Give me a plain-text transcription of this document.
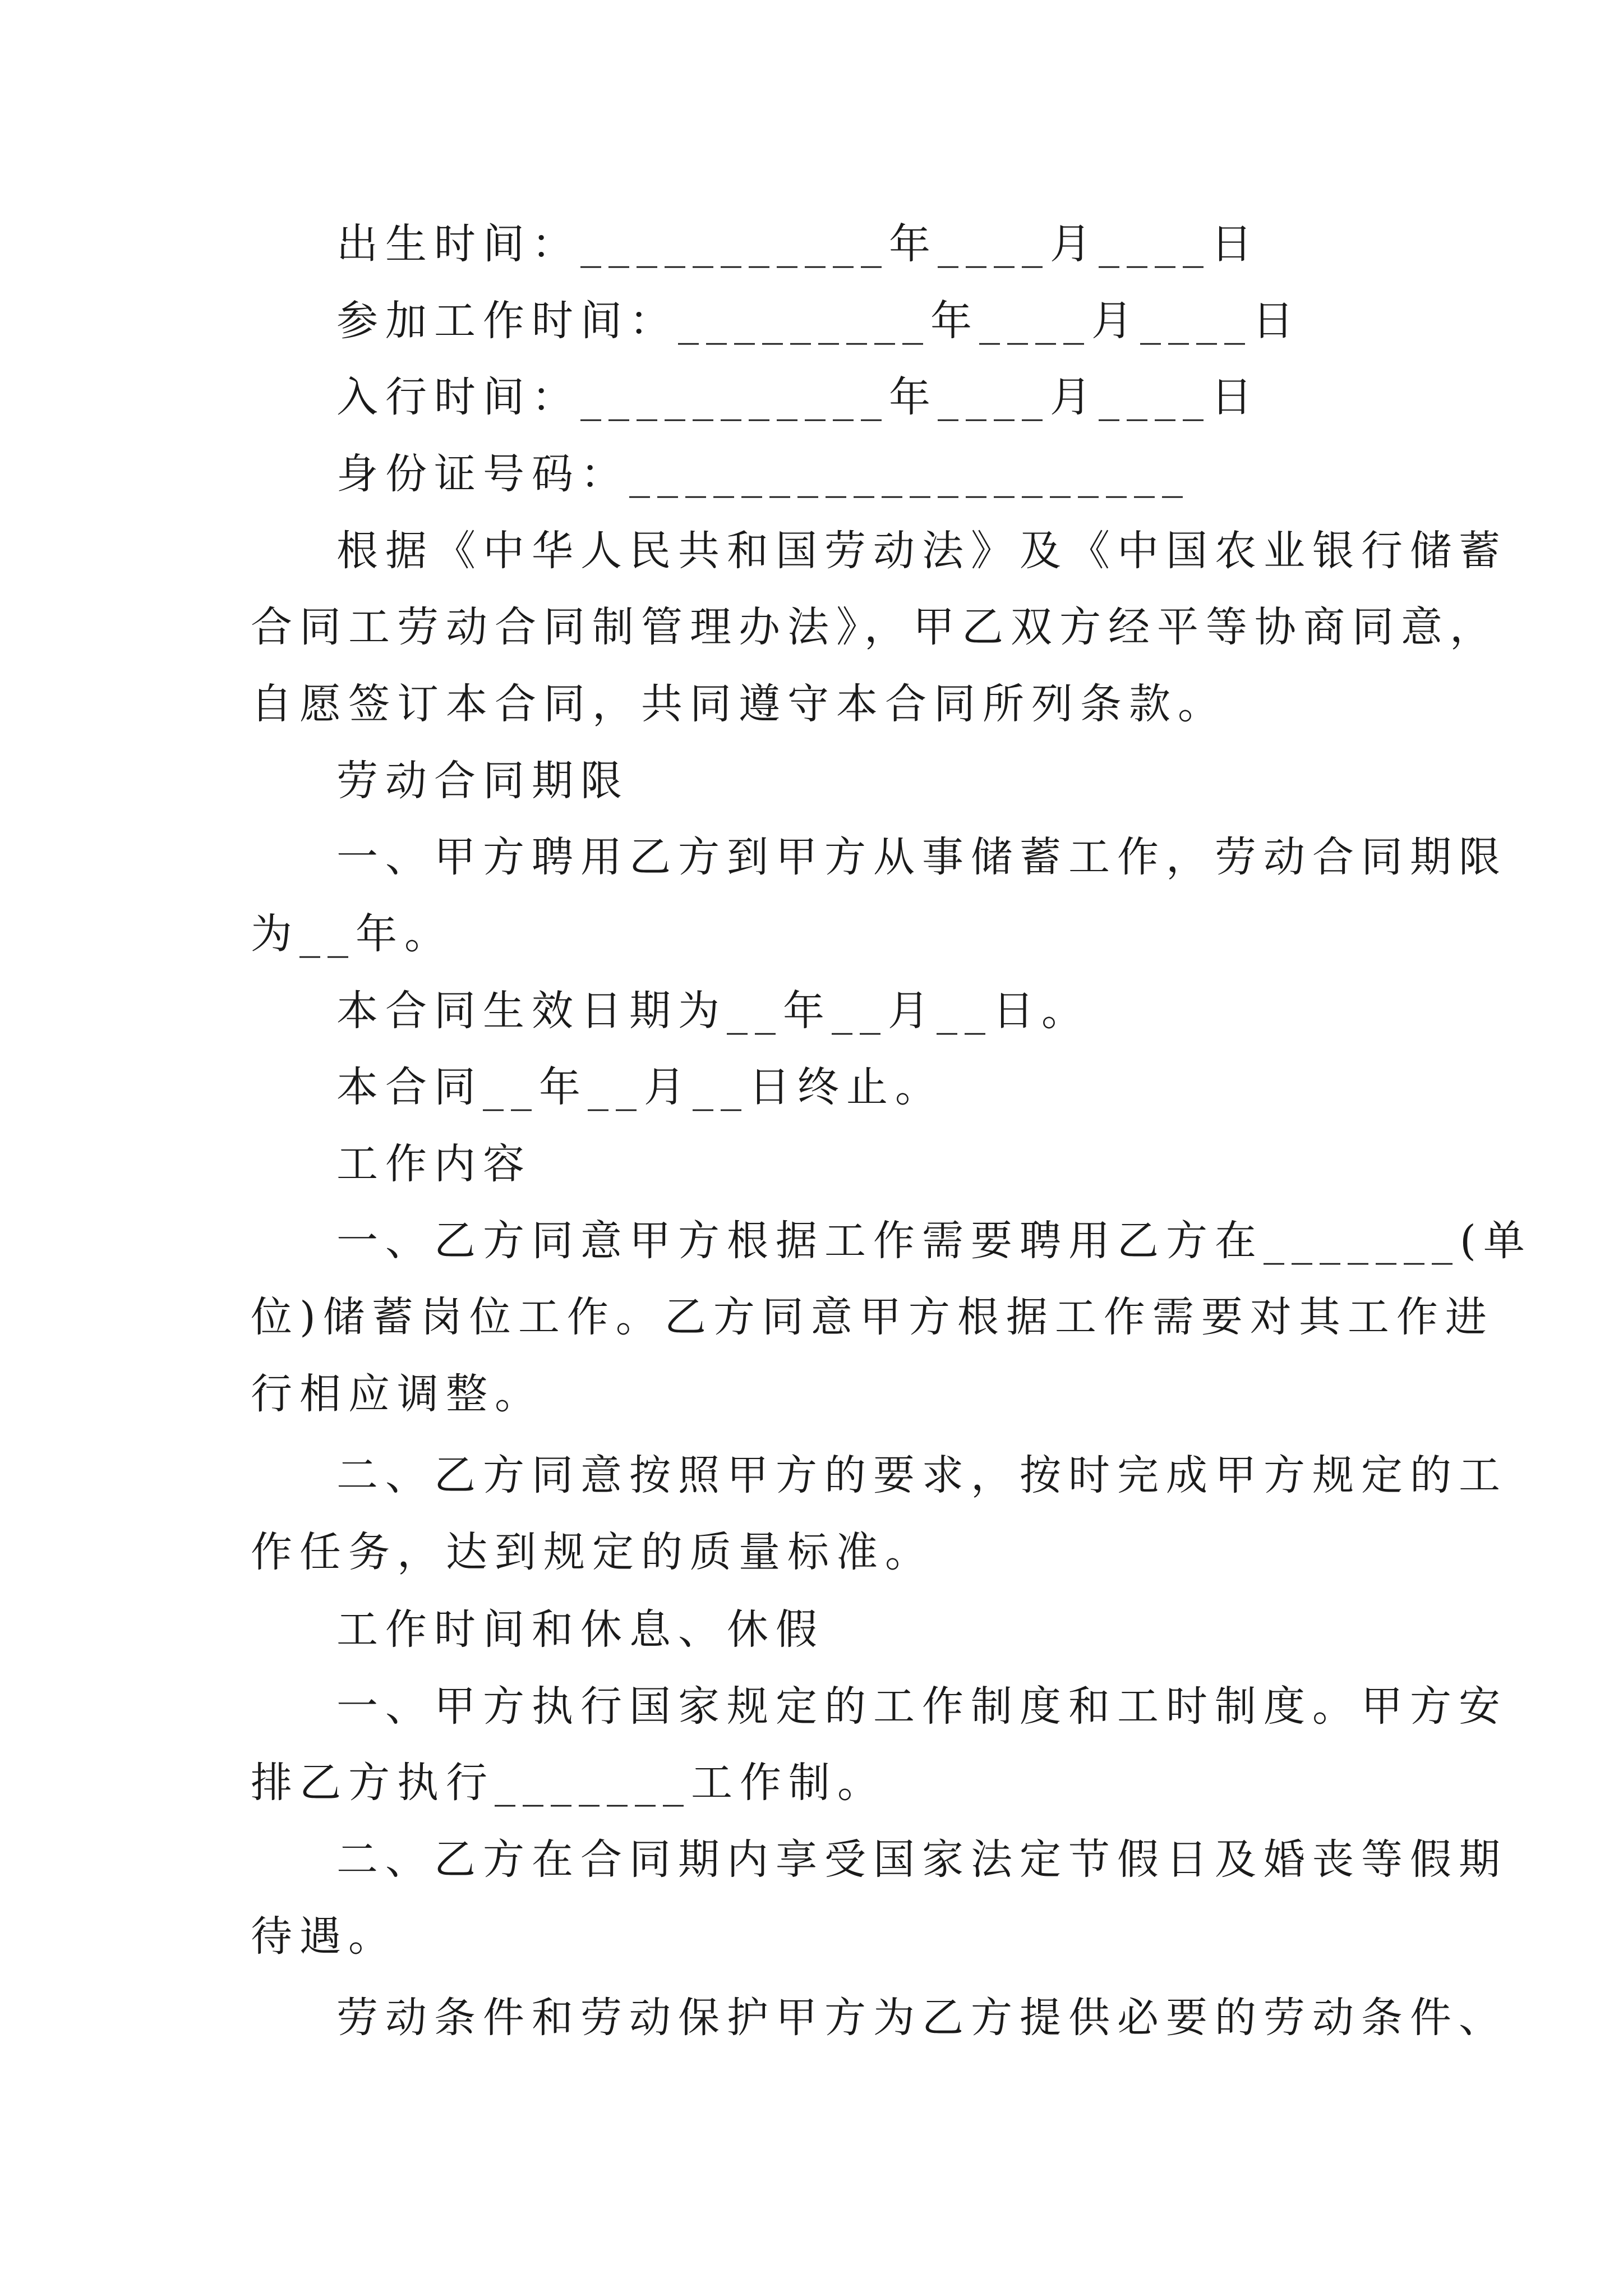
出生时间：___________年____月____日
参加工作时间：_________年____月____日
入行时间：___________年____月____日
身份证号码：____________________
根据《中华人民共和国劳动法》及《中国农业银行储蓄
合同工劳动合同制管理办法》，甲乙双方经平等协商同意，
自愿签订本合同，共同遵守本合同所列条款。
劳动合同期限
一、甲方聘用乙方到甲方从事储蓄工作，劳动合同期限
为__年。
本合同生效日期为__年__月__日。
本合同__年__月__日终止。
工作内容
一、乙方同意甲方根据工作需要聘用乙方在_______(单
位)储蓄岗位工作。乙方同意甲方根据工作需要对其工作进
行相应调整。
二、乙方同意按照甲方的要求，按时完成甲方规定的工
作任务，达到规定的质量标准。
工作时间和休息、休假
一、甲方执行国家规定的工作制度和工时制度。甲方安
排乙方执行_______工作制。
二、乙方在合同期内享受国家法定节假日及婚丧等假期
待遇。
劳动条件和劳动保护甲方为乙方提供必要的劳动条件、
